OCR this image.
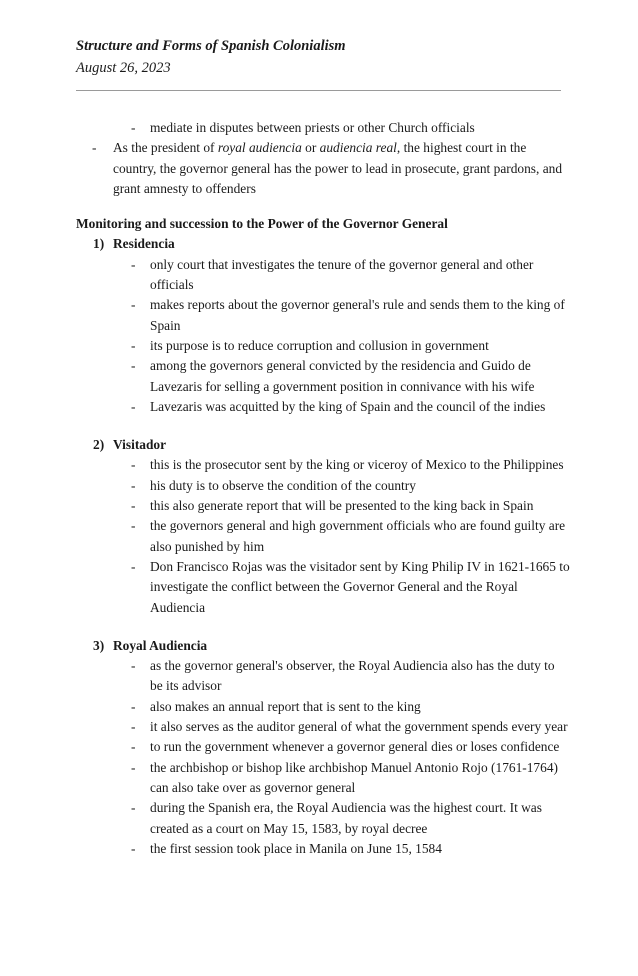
Structure and Forms of Spanish Colonialism
August 26, 2023
- mediate in disputes between priests or other Church officials
- As the president of royal audiencia or audiencia real, the highest court in the country, the governor general has the power to lead in prosecute, grant pardons, and grant amnesty to offenders
Monitoring and succession to the Power of the Governor General
1) Residencia
- only court that investigates the tenure of the governor general and other officials
- makes reports about the governor general's rule and sends them to the king of Spain
- its purpose is to reduce corruption and collusion in government
- among the governors general convicted by the residencia and Guido de Lavezaris for selling a government position in connivance with his wife
- Lavezaris was acquitted by the king of Spain and the council of the indies
2) Visitador
- this is the prosecutor sent by the king or viceroy of Mexico to the Philippines
- his duty is to observe the condition of the country
- this also generate report that will be presented to the king back in Spain
- the governors general and high government officials who are found guilty are also punished by him
- Don Francisco Rojas was the visitador sent by King Philip IV in 1621-1665 to investigate the conflict between the Governor General and the Royal Audiencia
3) Royal Audiencia
- as the governor general's observer, the Royal Audiencia also has the duty to be its advisor
- also makes an annual report that is sent to the king
- it also serves as the auditor general of what the government spends every year
- to run the government whenever a governor general dies or loses confidence
- the archbishop or bishop like archbishop Manuel Antonio Rojo (1761-1764) can also take over as governor general
- during the Spanish era, the Royal Audiencia was the highest court. It was created as a court on May 15, 1583, by royal decree
- the first session took place in Manila on June 15, 1584
